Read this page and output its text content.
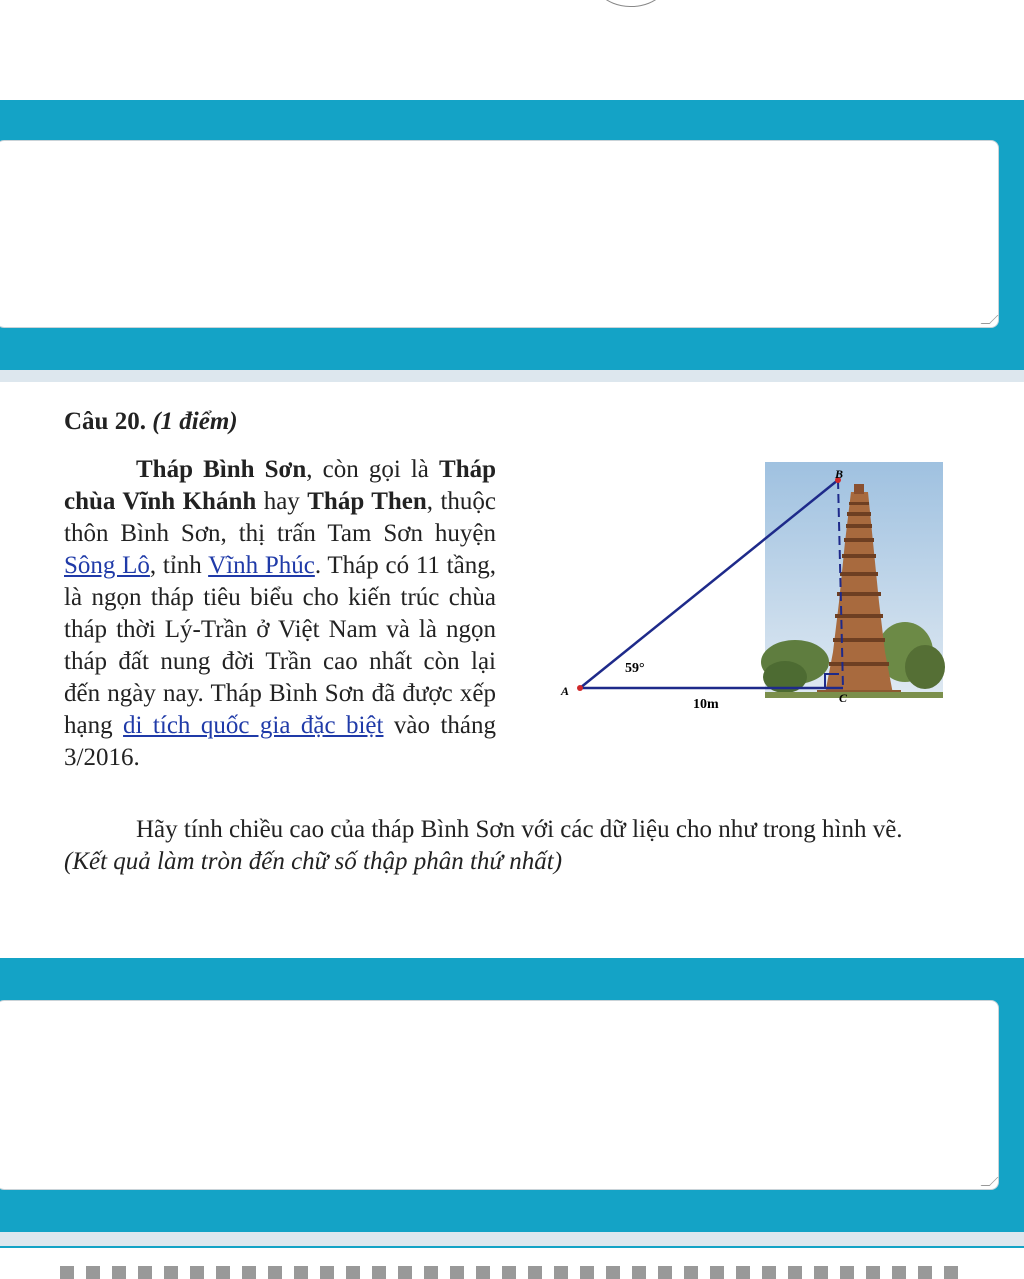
Câu 20. (1 điểm)
Tháp Bình Sơn, còn gọi là Tháp chùa Vĩnh Khánh hay Tháp Then, thuộc thôn Bình Sơn, thị trấn Tam Sơn huyện Sông Lô, tỉnh Vĩnh Phúc. Tháp có 11 tầng, là ngọn tháp tiêu biểu cho kiến trúc chùa tháp thời Lý-Trần ở Việt Nam và là ngọn tháp đất nung đời Trần cao nhất còn lại đến ngày nay. Tháp Bình Sơn đã được xếp hạng di tích quốc gia đặc biệt vào tháng 3/2016.
Hãy tính chiều cao của tháp Bình Sơn với các dữ liệu cho như trong hình vẽ.
(Kết quả làm tròn đến chữ số thập phân thứ nhất)
A
B
C
59°
10m
